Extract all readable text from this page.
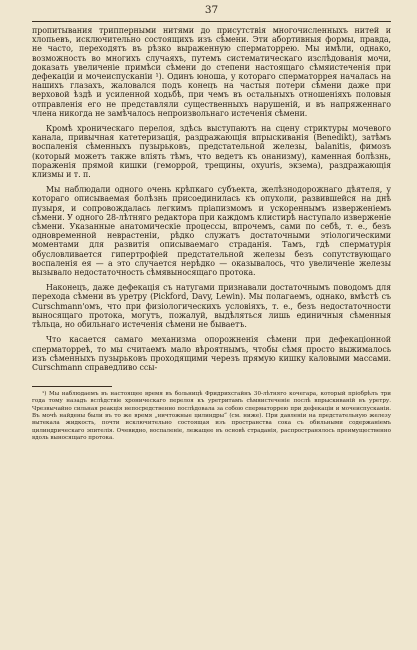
37

пропитывания трипперными нитями до присутствія многочисленныхъ нитей и хлопьевъ, исключительно состоящихъ изъ сѣмени. Эти абортивныя формы, правда, не часто, переходятъ въ рѣзко выраженную сперматоррею. Мы имѣли, однако, возможность во многихъ случаяхъ, путемъ систематическаго изслѣдованія мочи, доказать увеличеніе примѣси сѣмени до степени настоящаго сѣмяистеченія при дефекаціи и мочеиспусканіи ¹). Одинъ юноша, у котораго сперматоррея началась на нашихъ глазахъ, жаловался подъ конецъ на частыя потери сѣмени даже при верховой ѣздѣ и усиленной ходьбѣ, при чемъ въ остальныхъ отношеніяхъ половыя отправленія его не представляли существенныхъ нарушеній, и въ напряженнаго члена никогда не замѣчалось непроизвольнаго истеченія сѣмени.

Кромѣ хроническаго перелоя, здѣсь выступаютъ на сцену стриктуры мочевого канала, привычная катетеризація, раздражающія впрыскиванія (Benedikt), затѣмъ воспаленія сѣменныхъ пузырьковъ, предстательной железы, balanitis, фимозъ (который можетъ также вліять тѣмъ, что ведетъ къ онанизму), каменная болѣзнь, пораженія прямой кишки (геморрой, трещины, oxyuris, экзема), раздражающія клизмы и т. п.

Мы наблюдали одного очень крѣпкаго субъекта, желѣзнодорожнаго дѣятеля, у котораго описываемая болѣзнь присоединилась къ опухоли, развившейся на днѣ пузыря, и сопровождалась легкимъ пріапизмомъ и ускореннымъ изверженіемъ сѣмени. У одного 28-лѣтняго редактора при каждомъ клистирѣ наступало изверженіе сѣмени. Указанные анатомическіе процессы, впрочемъ, сами по себѣ, т. е., безъ одновременной неврастеніи, рѣдко служатъ достаточными этіологическими моментами для развитія описываемаго страданія. Тамъ, гдѣ сперматурія обусловливается гипертрофіей предстательной железы безъ сопутствующаго воспаленія ея — а это случается нерѣдко — оказывалось, что увеличеніе железы вызывало недостаточность сѣмявыносящаго протока.

Наконецъ, даже дефекація съ натугами признавали достаточнымъ поводомъ для перехода сѣмени въ уретру (Pickford, Davy, Lewin). Мы полагаемъ, однако, вмѣстѣ съ Curschmann'омъ, что при физіологическихъ условіяхъ, т. е., безъ недостаточности выносящаго протока, могутъ, пожалуй, выдѣляться лишь единичныя сѣменныя тѣльца, но обильнаго истеченія сѣмени не бываетъ.

Что касается самаго механизма опорожненія сѣмени при дефекаціонной сперматорреѣ, то мы считаемъ мало вѣроятнымъ, чтобы сѣмя просто выжималось изъ сѣменныхъ пузырьковъ проходящими черезъ прямую кишку каловыми массами. Curschmann справедливо ссы-

¹) Мы наблюдаемъ въ настоящее время въ больницѣ Фридрихсгайнъ 30-лѣтняго кочегара, который пріобрѣлъ три года тому назадъ вслѣдствіе хроническаго перелоя къ уретритамъ сѣмяистеченіе послѣ впрыскиваній въ уретру. Чрезвычайно сильная реакція непосредственно послѣдовала за собою сперматоррею при дефекаціи и мочеиспусканіи. Въ мочѣ найдены были въ то же время „ничтожные цилиндры“ (см. ниже). При давленіи на предстательную железу вытекала жидкость, почти исключительно состоящая изъ пространства сока съ обильными содержаніемъ цилиндрическаго эпителія. Очевидно, воспаленіе, лежащее въ основѣ страданія, распространялось преимущественно вдоль выносящаго протока.
